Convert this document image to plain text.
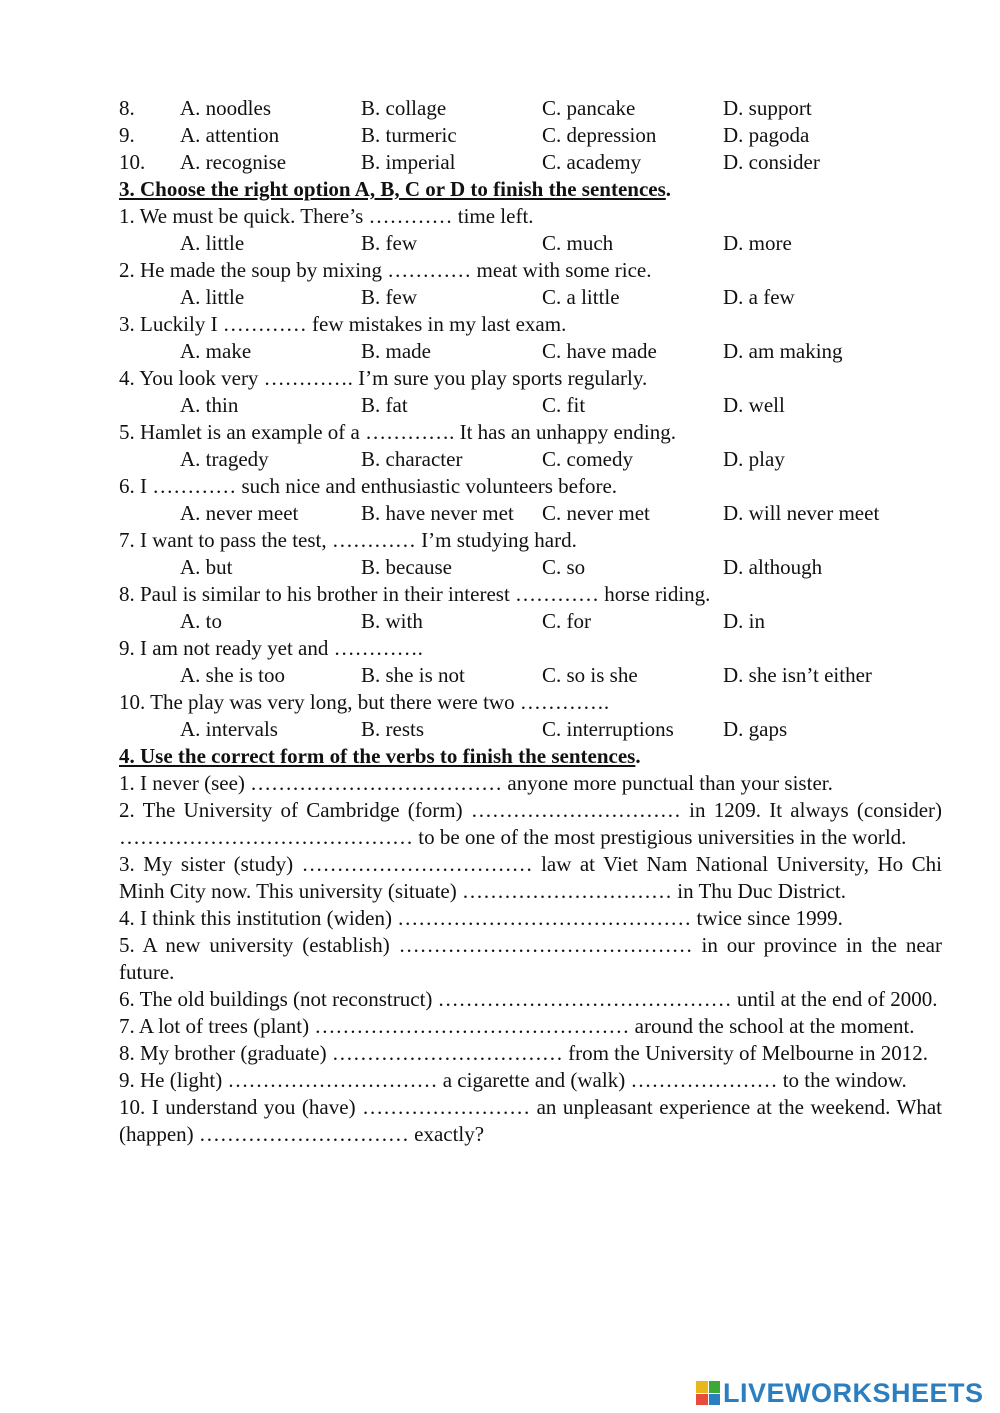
8. A. noodles	B. collage	C. pancake	D. support
9. A. attention	B. turmeric	C. depression	D. pagoda
10. A. recognise	B. imperial	C. academy	D. consider
3. Choose the right option A, B, C or D to finish the sentences.
1. We must be quick. There’s ………… time left.
A. little	B. few	C. much	D. more
2. He made the soup by mixing ………… meat with some rice.
A. little	B. few	C. a little	D. a few
3. Luckily I ………… few mistakes in my last exam.
A. make	B. made	C. have made	D. am making
4. You look very …………. I’m sure you play sports regularly.
A. thin	B. fat	C. fit	D. well
5. Hamlet is an example of a …………. It has an unhappy ending.
A. tragedy	B. character	C. comedy	D. play
6. I ………… such nice and enthusiastic volunteers before.
A. never meet	B. have never met C. never met	D. will never meet
7. I want to pass the test, ………… I’m studying hard.
A. but	B. because	C. so	D. although
8. Paul is similar to his brother in their interest ………… horse riding.
A. to	B. with	C. for	D. in
9. I am not ready yet and ………….
A. she is too	B. she is not	C. so is she	D. she isn’t either
10. The play was very long, but there were two ………….
A. intervals	B. rests	C. interruptions D. gaps
4. Use the correct form of the verbs to finish the sentences.
1. I never (see) ……………………………… anyone more punctual than your sister.
2. The University of Cambridge (form) ………………………… in 1209. It always (consider) …………………………………… to be one of the most prestigious universities in the world.
3. My sister (study) …………………………… law at Viet Nam National University, Ho Chi Minh City now. This university (situate) ………………………… in Thu Duc District.
4. I think this institution (widen) …………………………………… twice since 1999.
5. A new university (establish) …………………………………… in our province in the near future.
6. The old buildings (not reconstruct) …………………………………… until at the end of 2000.
7. A lot of trees (plant) ……………………………………… around the school at the moment.
8. My brother (graduate) …………………………… from the University of Melbourne in 2012.
9. He (light) ………………………… a cigarette and (walk) ………………… to the window.
10. I understand you (have) …………………… an unpleasant experience at the weekend. What (happen) ………………………… exactly?
LIVEWORKSHEETS
